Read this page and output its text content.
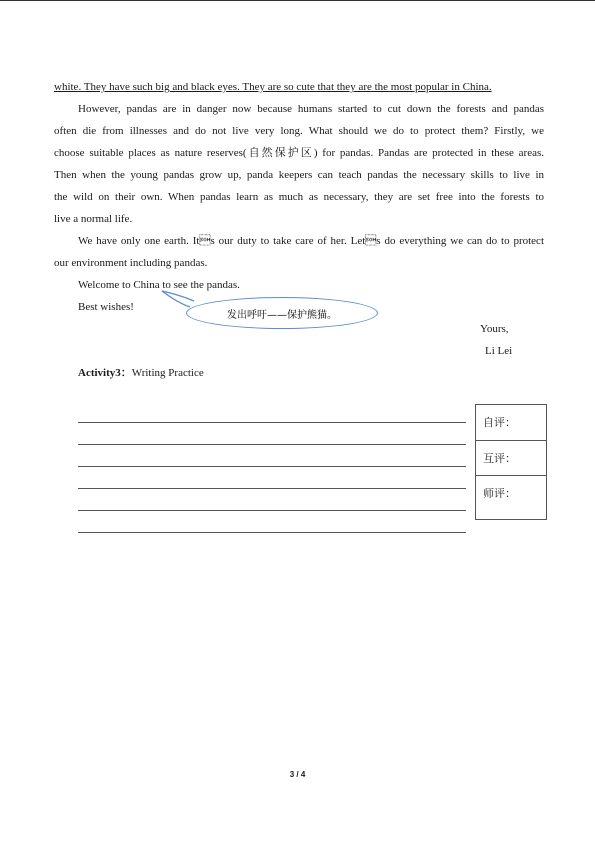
white. They have such big and black eyes. They are so cute that they are the most popular in China.
However, pandas are in danger now because humans started to cut down the forests and pandas
often die from illnesses and do not live very long. What should we do to protect them? Firstly, we
choose suitable places as nature reserves(自然保护区) for pandas. Pandas are protected in these areas.
Then when the young pandas grow up, panda keepers can teach pandas the necessary skills to live in
the wild on their own. When pandas learn as much as necessary, they are set free into the forests to
live a normal life.
We have only one earth. Its our duty to take care of her. Lets do everything we can do to protect
our environment including pandas.
Welcome to China to see the pandas.
Best wishes!
发出呼吁——保护熊猫。
Yours,
Li Lei
Activity3：Writing Practice
自评：
互评：
师评：
3 / 4
